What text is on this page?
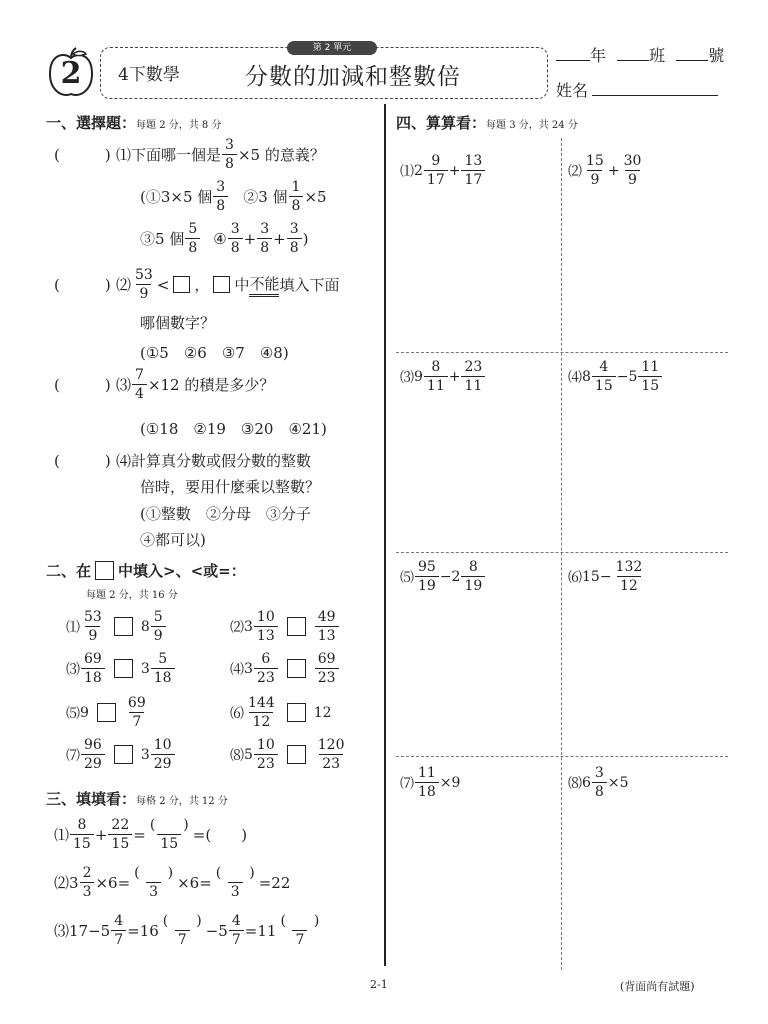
2
第 2 單元
4下數學	分數的加減和整數倍
年	班	號
姓名
一、選擇題：每題 2 分，共 8 分
(　　　) ⑴ 下面哪一個是 $\frac{3}{8} \times 5$ 的意義？
(①3×5 個 $\frac{3}{8}$ ②3 個 $\frac{1}{8} \times 5$
③5 個 $\frac{5}{8}$ ④ $\frac{3}{8} + \frac{3}{8} + \frac{3}{8}$ )
(　　　) ⑵ $\frac{53}{9}$ < ， 中 不能 填入下面
哪個數字？
(①5　②6　③7　④8)
(　　　) ⑶ $\frac{7}{4} \times 12$ 的積是多少？
(①18　②19　③20　④21)
(　　　) ⑷ 計算真分數或假分數的整數
倍時，要用什麼乘以整數？
(①整數　②分母　③分子
④都可以)
二、在 中填入>、<或=：
每題 2 分，共 16 分
⑴ $\frac{53}{9}$	$8 \frac{5}{9}$	⑵ $3 \frac{10}{13}$	$\frac{49}{13}$
⑶ $\frac{69}{18}$	$3 \frac{5}{18}$	⑷ $3 \frac{6}{23}$	$\frac{69}{23}$
⑸ 9	$\frac{69}{7}$	⑹ $\frac{144}{12}$	12
⑺ $\frac{96}{29}$	$3 \frac{10}{29}$	⑻ $5 \frac{10}{23}$	$\frac{120}{23}$
三、填填看：每格 2 分，共 12 分
⑴ $\frac{8}{15} + \frac{22}{15} = \frac{( )}{15}$ = (　　)
⑵ $3 \frac{2}{3} \times 6= \frac{( )}{3} \times 6= \frac{( )}{3} =22$
⑶ $17-5 \frac{4}{7} =16 \frac{( )}{7} -5 \frac{4}{7} =11 \frac{( )}{7}$
四、算算看：每題 3 分，共 24 分
⑴ $2 \frac{9}{17} + \frac{13}{17}$	⑵ $\frac{15}{9} + \frac{30}{9}$
⑶ $9 \frac{8}{11} + \frac{23}{11}$	⑷ $8 \frac{4}{15} -5 \frac{11}{15}$
⑸ $\frac{95}{19} -2 \frac{8}{19}$	⑹ $15- \frac{132}{12}$
⑺ $\frac{11}{18} \times 9$	⑻ $6 \frac{3}{8} \times 5$
2-1	(背面尚有試題)
